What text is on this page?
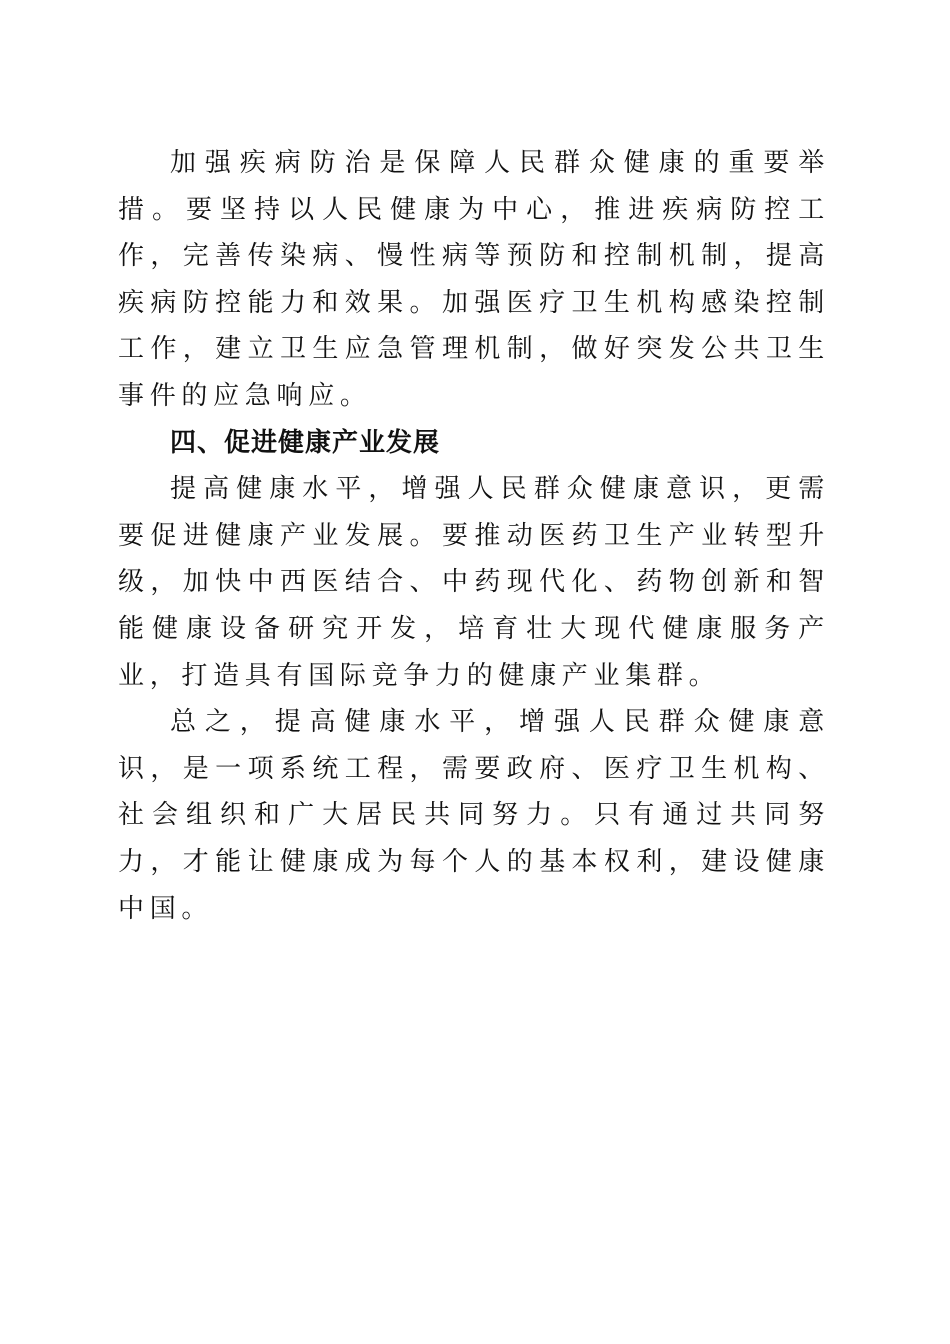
加强疾病防治是保障人民群众健康的重要举措。要坚持以人民健康为中心，推进疾病防控工作，完善传染病、慢性病等预防和控制机制，提高疾病防控能力和效果。加强医疗卫生机构感染控制工作，建立卫生应急管理机制，做好突发公共卫生事件的应急响应。

四、促进健康产业发展

提高健康水平，增强人民群众健康意识，更需要促进健康产业发展。要推动医药卫生产业转型升级，加快中西医结合、中药现代化、药物创新和智能健康设备研究开发，培育壮大现代健康服务产业，打造具有国际竞争力的健康产业集群。

总之，提高健康水平，增强人民群众健康意识，是一项系统工程，需要政府、医疗卫生机构、社会组织和广大居民共同努力。只有通过共同努力，才能让健康成为每个人的基本权利，建设健康中国。
